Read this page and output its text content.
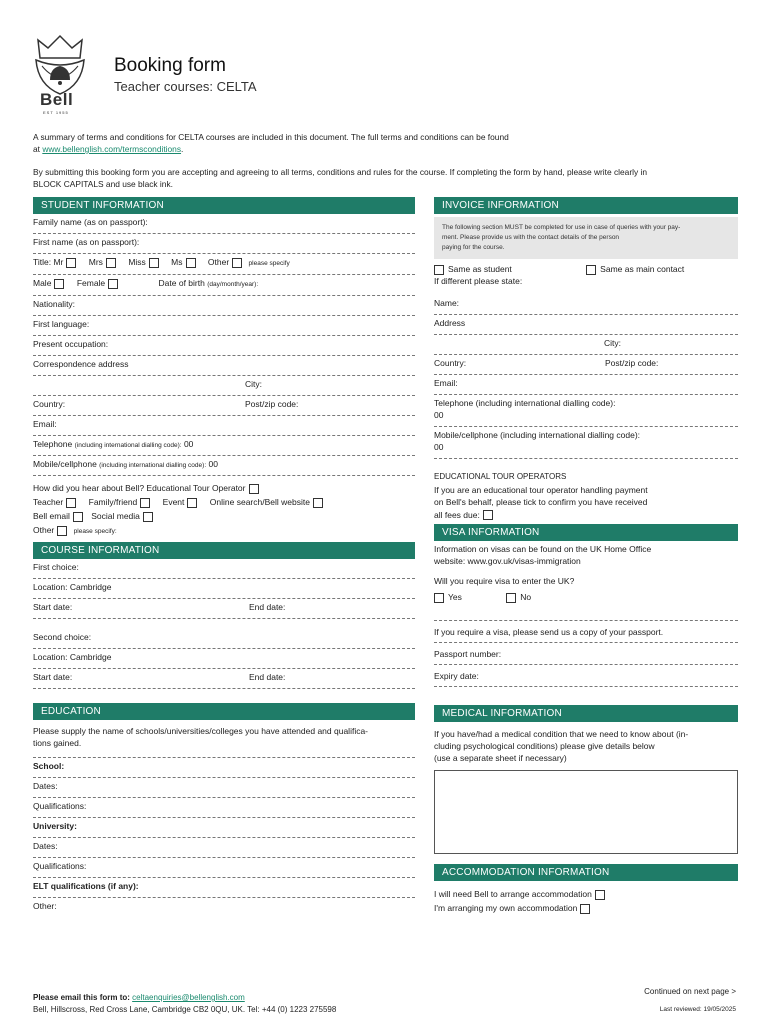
Bell
EST 1955
Booking form
Teacher courses: CELTA
A summary of terms and conditions for CELTA courses are included in this document. The full terms and conditions can be found
at www.bellenglish.com/termsconditions.
By submitting this booking form you are accepting and agreeing to all terms, conditions and rules for the course. If completing the form by hand, please write clearly in
BLOCK CAPITALS and use black ink.
STUDENT INFORMATION
Family name (as on passport):
First name (as on passport):
Title: Mr	Mrs	Miss	Ms	Other	please specify
Male	Female	Date of birth (day/month/year):
Nationality:
First language:
Present occupation:
Correspondence address
City:
Country:	Post/zip code:
Email:
Telephone (including international dialling code): 00
Mobile/cellphone (including international dialling code): 00
How did you hear about Bell? Educational Tour Operator
Teacher	Family/friend	Event	Online search/Bell website
Bell email	Social media
Other	please specify:
COURSE INFORMATION
First choice:
Location: Cambridge
Start date:	End date:
Second choice:
Location: Cambridge
Start date:	End date:
EDUCATION
Please supply the name of schools/universities/colleges you have attended and qualifica-
tions gained.
School:
Dates:
Qualifications:
University:
Dates:
Qualifications:
ELT qualifications (if any):
Other:
INVOICE INFORMATION
The following section MUST be completed for use in case of queries with your pay-
ment. Please provide us with the contact details of the person
paying for the course.
Same as student	Same as main contact
If different please state:
Name:
Address
City:
Country:	Post/zip code:
Email:
Telephone (including international dialling code):
00
Mobile/cellphone (including international dialling code):
00
EDUCATIONAL TOUR OPERATORS
If you are an educational tour operator handling payment
on Bell's behalf, please tick to confirm you have received
all fees due:
VISA INFORMATION
Information on visas can be found on the UK Home Office
website: www.gov.uk/visas-immigration
Will you require visa to enter the UK?
Yes	No
If you require a visa, please send us a copy of your passport.
Passport number:
Expiry date:
MEDICAL INFORMATION
If you have/had a medical condition that we need to know about (in-
cluding psychological conditions) please give details below
(use a separate sheet if necessary)
ACCOMMODATION INFORMATION
I will need Bell to arrange accommodation
I'm arranging my own accommodation
Please email this form to: celtaenquiries@bellenglish.com
Bell, Hillscross, Red Cross Lane, Cambridge CB2 0QU, UK. Tel: +44 (0) 1223 275598
Continued on next page >
Last reviewed: 19/05/2025
